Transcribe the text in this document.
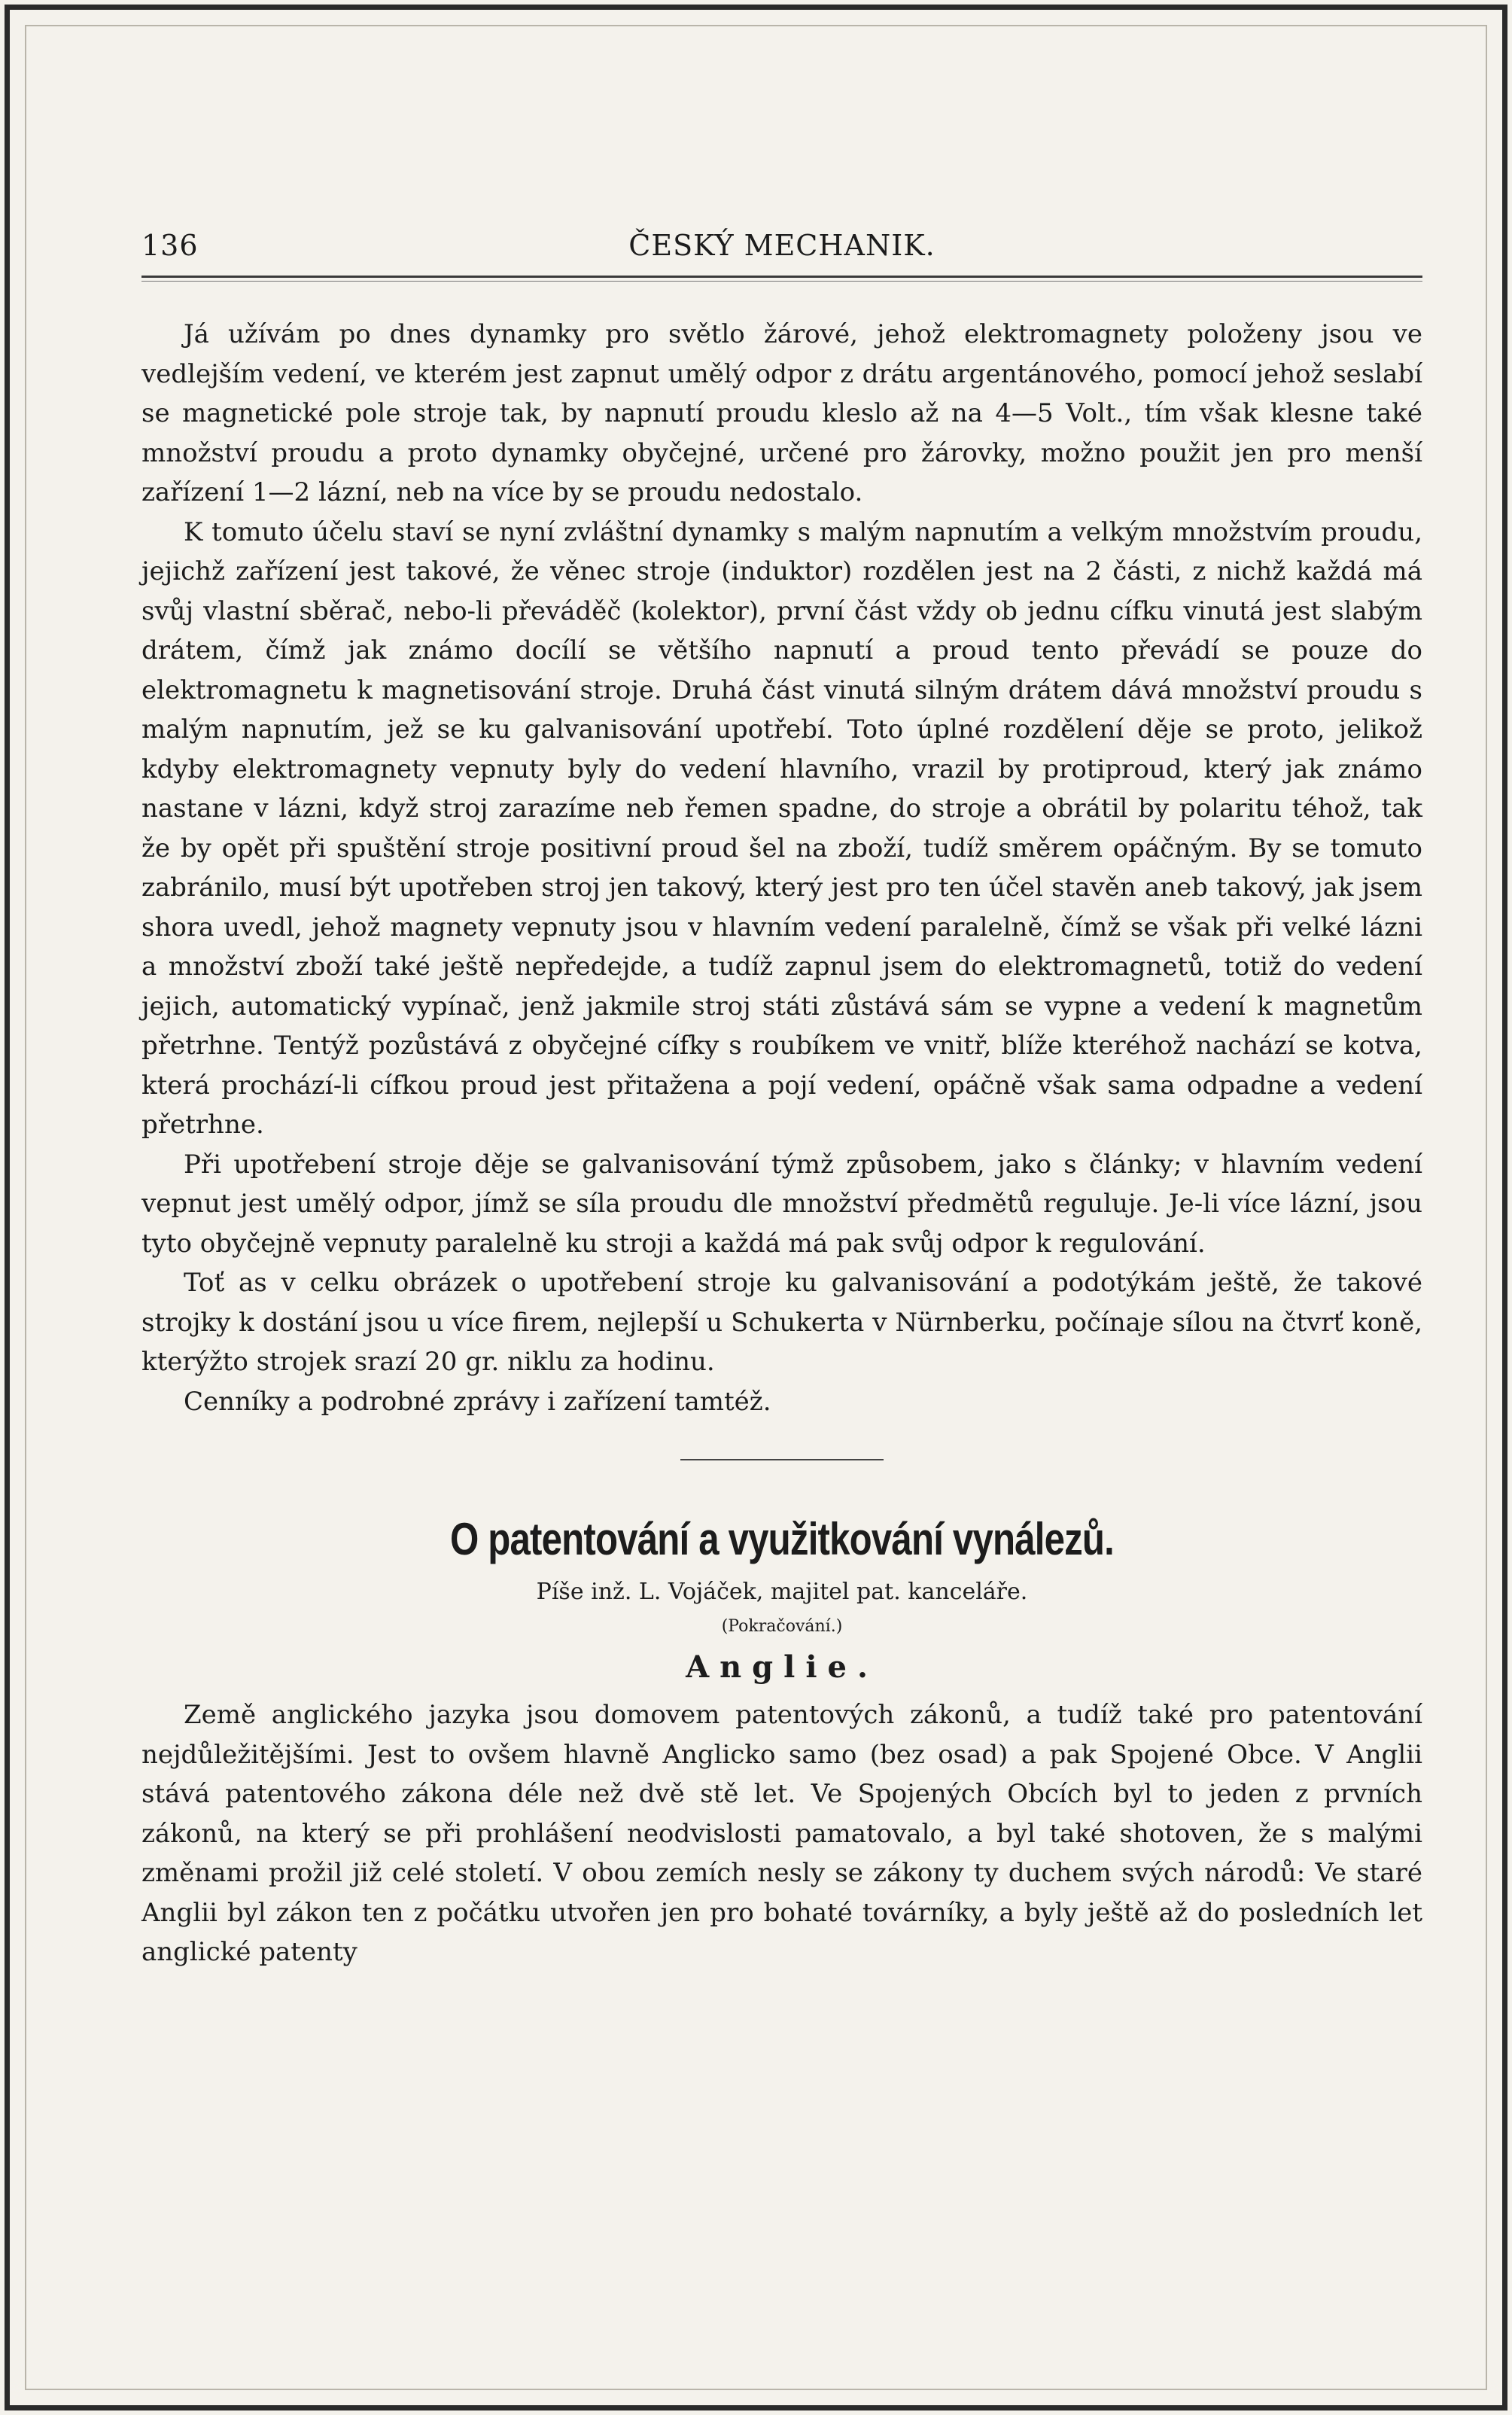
136	ČESKÝ MECHANIK.

Já užívám po dnes dynamky pro světlo žárové, jehož elektromagnety položeny jsou ve vedlejším vedení, ve kterém jest zapnut umělý odpor z drátu argentánového, pomocí jehož seslabí se magnetické pole stroje tak, by napnutí proudu kleslo až na 4—5 Volt., tím však klesne také množství proudu a proto dynamky obyčejné, určené pro žárovky, možno použit jen pro menší zařízení 1—2 lázní, neb na více by se proudu nedostalo.

K tomuto účelu staví se nyní zvláštní dynamky s malým napnutím a velkým množstvím proudu, jejichž zařízení jest takové, že věnec stroje (induktor) rozdělen jest na 2 části, z nichž každá má svůj vlastní sběrač, nebo-li převáděč (kolektor), první část vždy ob jednu cífku vinutá jest slabým drátem, čímž jak známo docílí se většího napnutí a proud tento převádí se pouze do elektromagnetu k magnetisování stroje. Druhá část vinutá silným drátem dává množství proudu s malým napnutím, jež se ku galvanisování upotřebí. Toto úplné rozdělení děje se proto, jelikož kdyby elektromagnety vepnuty byly do vedení hlavního, vrazil by protiproud, který jak známo nastane v lázni, když stroj zarazíme neb řemen spadne, do stroje a obrátil by polaritu téhož, tak že by opět při spuštění stroje positivní proud šel na zboží, tudíž směrem opáčným. By se tomuto zabránilo, musí být upotřeben stroj jen takový, který jest pro ten účel stavěn aneb takový, jak jsem shora uvedl, jehož magnety vepnuty jsou v hlavním vedení paralelně, čímž se však při velké lázni a množství zboží také ještě nepředejde, a tudíž zapnul jsem do elektromagnetů, totiž do vedení jejich, automatický vypínač, jenž jakmile stroj státi zůstává sám se vypne a vedení k magnetům přetrhne. Tentýž pozůstává z obyčejné cífky s roubíkem ve vnitř, blíže kteréhož nachází se kotva, která prochází-li cífkou proud jest přitažena a pojí vedení, opáčně však sama odpadne a vedení přetrhne.

Při upotřebení stroje děje se galvanisování týmž způsobem, jako s články; v hlavním vedení vepnut jest umělý odpor, jímž se síla proudu dle množství předmětů reguluje. Je-li více lázní, jsou tyto obyčejně vepnuty paralelně ku stroji a každá má pak svůj odpor k regulování.

Toť as v celku obrázek o upotřebení stroje ku galvanisování a podotýkám ještě, že takové strojky k dostání jsou u více firem, nejlepší u Schukerta v Nürnberku, počínaje sílou na čtvrť koně, kterýžto strojek srazí 20 gr. niklu za hodinu.

Cenníky a podrobné zprávy i zařízení tamtéž.

O patentování a využitkování vynálezů.
Píše inž. L. Vojáček, majitel pat. kanceláře.
(Pokračování.)
Anglie.

Země anglického jazyka jsou domovem patentových zákonů, a tudíž také pro patentování nejdůležitějšími. Jest to ovšem hlavně Anglicko samo (bez osad) a pak Spojené Obce. V Anglii stává patentového zákona déle než dvě stě let. Ve Spojených Obcích byl to jeden z prvních zákonů, na který se při prohlášení neodvislosti pamatovalo, a byl také shotoven, že s malými změnami prožil již celé století. V obou zemích nesly se zákony ty duchem svých národů: Ve staré Anglii byl zákon ten z počátku utvořen jen pro bohaté továrníky, a byly ještě až do posledních let anglické patenty
